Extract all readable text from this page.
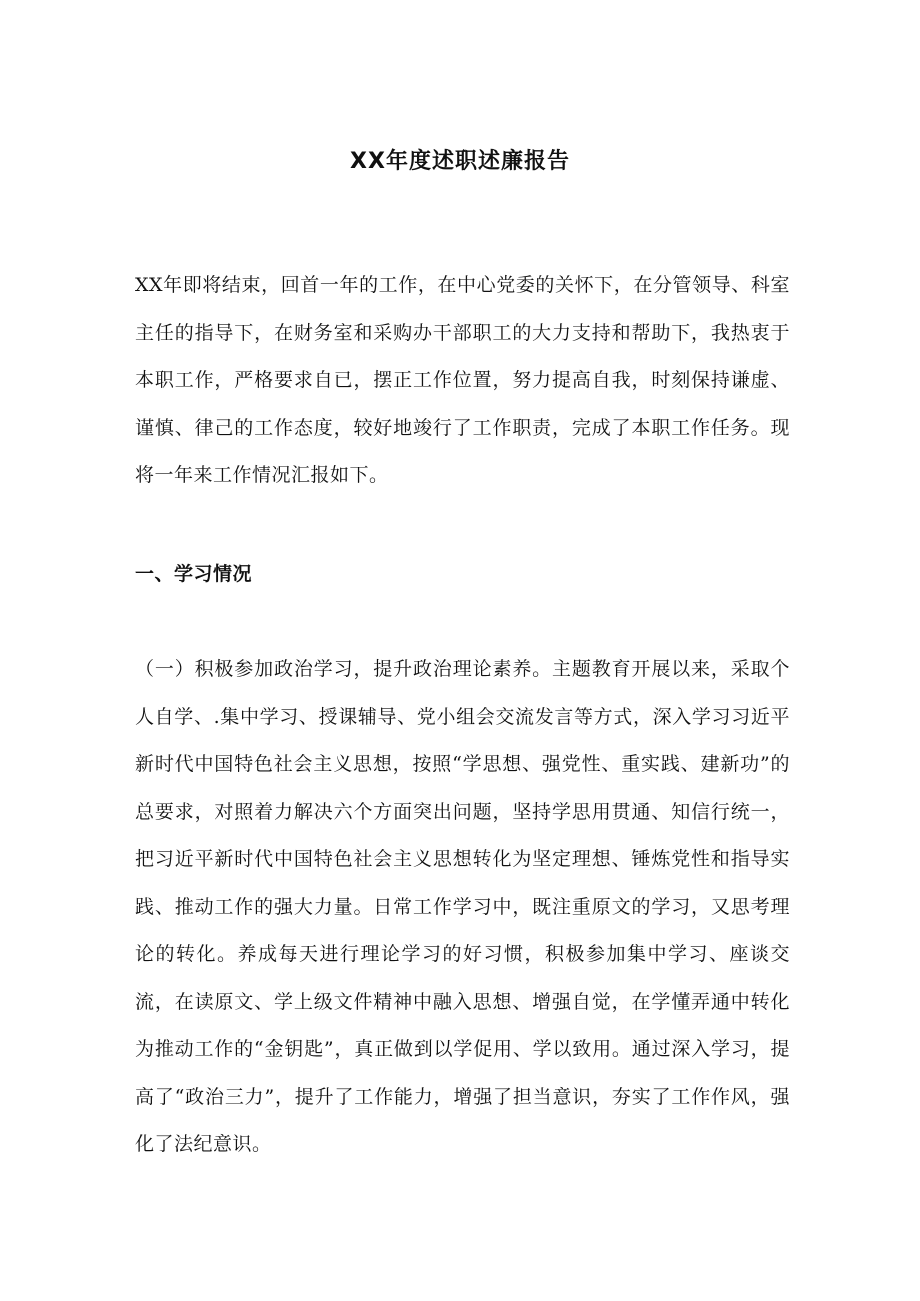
XX年度述职述廉报告

XX年即将结束，回首一年的工作，在中心党委的关怀下，在分管领导、科室主任的指导下，在财务室和采购办干部职工的大力支持和帮助下，我热衷于本职工作，严格要求自已，摆正工作位置，努力提高自我，时刻保持谦虚、谨慎、律己的工作态度，较好地竣行了工作职责，完成了本职工作任务。现将一年来工作情况汇报如下。

一、学习情况

（一）积极参加政治学习，提升政治理论素养。主题教育开展以来，采取个人自学、.集中学习、授课辅导、党小组会交流发言等方式，深入学习习近平新时代中国特色社会主义思想，按照“学思想、强党性、重实践、建新功”的总要求，对照着力解决六个方面突出问题，坚持学思用贯通、知信行统一，把习近平新时代中国特色社会主义思想转化为坚定理想、锤炼党性和指导实践、推动工作的强大力量。日常工作学习中，既注重原文的学习，又思考理论的转化。养成每天进行理论学习的好习惯，积极参加集中学习、座谈交流，在读原文、学上级文件精神中融入思想、增强自觉，在学懂弄通中转化为推动工作的“金钥匙”，真正做到以学促用、学以致用。通过深入学习，提高了“政治三力”，提升了工作能力，增强了担当意识，夯实了工作作风，强化了法纪意识。
